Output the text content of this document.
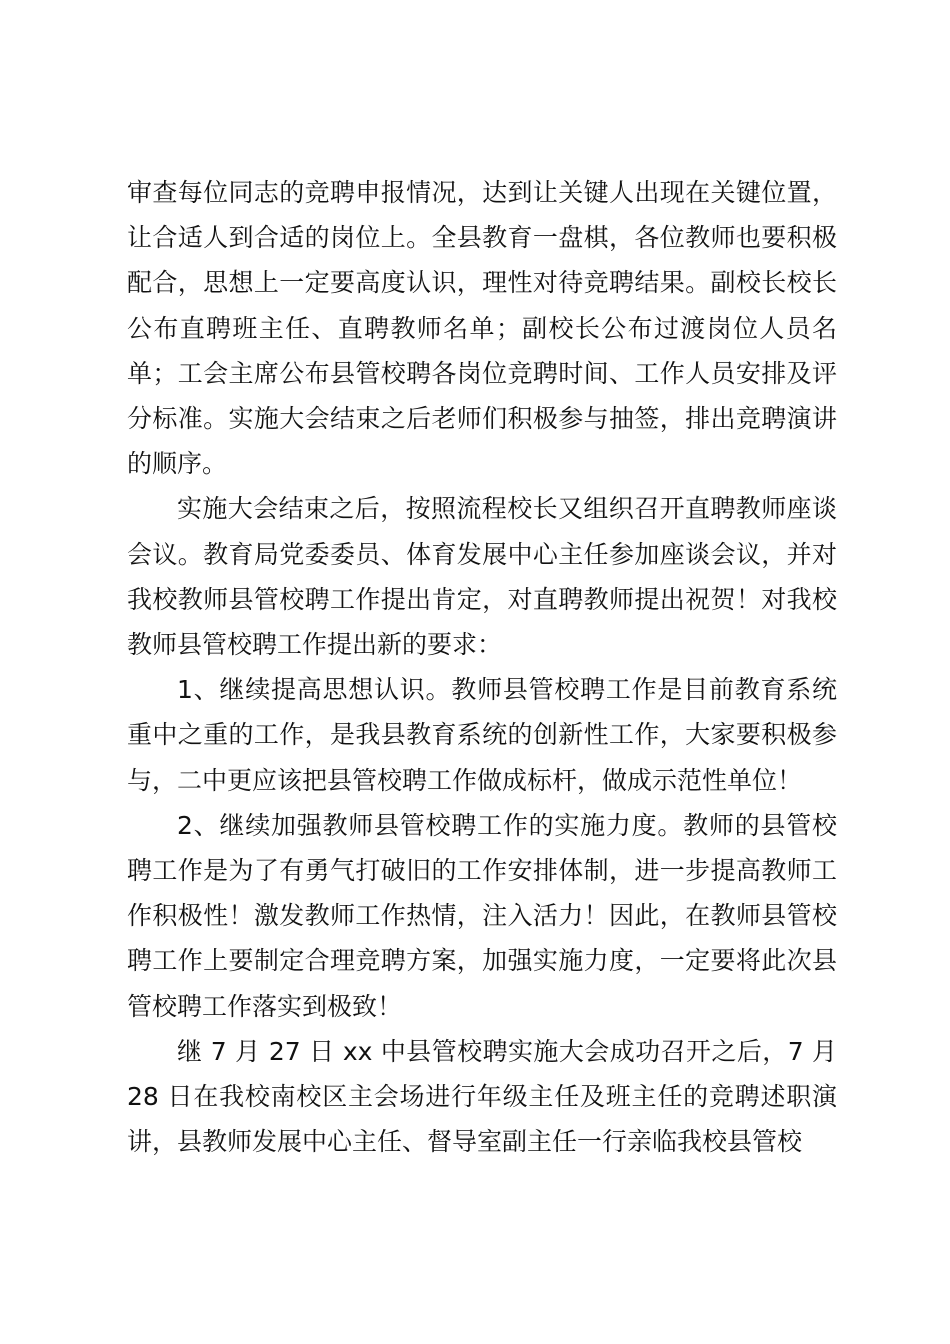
审查每位同志的竞聘申报情况，达到让关键人出现在关键位置，让合适人到合适的岗位上。全县教育一盘棋，各位教师也要积极配合，思想上一定要高度认识，理性对待竞聘结果。副校长校长公布直聘班主任、直聘教师名单；副校长公布过渡岗位人员名单；工会主席公布县管校聘各岗位竞聘时间、工作人员安排及评分标准。实施大会结束之后老师们积极参与抽签，排出竞聘演讲的顺序。

实施大会结束之后，按照流程校长又组织召开直聘教师座谈会议。教育局党委委员、体育发展中心主任参加座谈会议，并对我校教师县管校聘工作提出肯定，对直聘教师提出祝贺！对我校教师县管校聘工作提出新的要求：

1、继续提高思想认识。教师县管校聘工作是目前教育系统重中之重的工作，是我县教育系统的创新性工作，大家要积极参与，二中更应该把县管校聘工作做成标杆，做成示范性单位！

2、继续加强教师县管校聘工作的实施力度。教师的县管校聘工作是为了有勇气打破旧的工作安排体制，进一步提高教师工作积极性！激发教师工作热情，注入活力！因此，在教师县管校聘工作上要制定合理竞聘方案，加强实施力度，一定要将此次县管校聘工作落实到极致！

继 7 月 27 日 xx 中县管校聘实施大会成功召开之后，7 月 28 日在我校南校区主会场进行年级主任及班主任的竞聘述职演讲，县教师发展中心主任、督导室副主任一行亲临我校县管校
